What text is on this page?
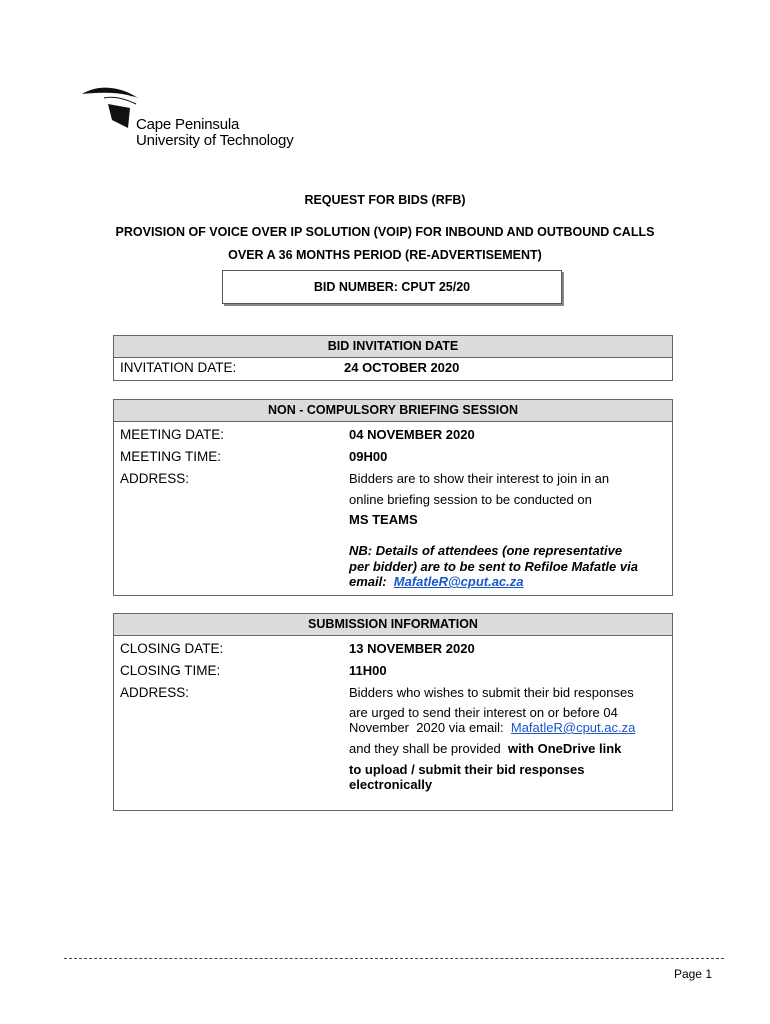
Cape Peninsula
University of Technology
REQUEST FOR BIDS (RFB)
PROVISION OF VOICE OVER IP SOLUTION (VOIP) FOR INBOUND AND OUTBOUND CALLS
OVER A 36 MONTHS PERIOD (RE-ADVERTISEMENT)
BID NUMBER: CPUT 25/20
BID INVITATION DATE
INVITATION DATE:	24 OCTOBER 2020
NON - COMPULSORY BRIEFING SESSION
MEETING DATE:	04 NOVEMBER 2020
MEETING TIME:	09H00
ADDRESS:	Bidders are to show their interest to join in an
online briefing session to be conducted on
MS TEAMS
NB: Details of attendees (one representative
per bidder) are to be sent to Refiloe Mafatle via
email:  MafatleR@cput.ac.za
SUBMISSION INFORMATION
CLOSING DATE:	13 NOVEMBER 2020
CLOSING TIME:	11H00
ADDRESS:	Bidders who wishes to submit their bid responses
are urged to send their interest on or before 04
November  2020 via email:  MafatleR@cput.ac.za
and they shall be provided  with OneDrive link
to upload / submit their bid responses
electronically
Page 1
